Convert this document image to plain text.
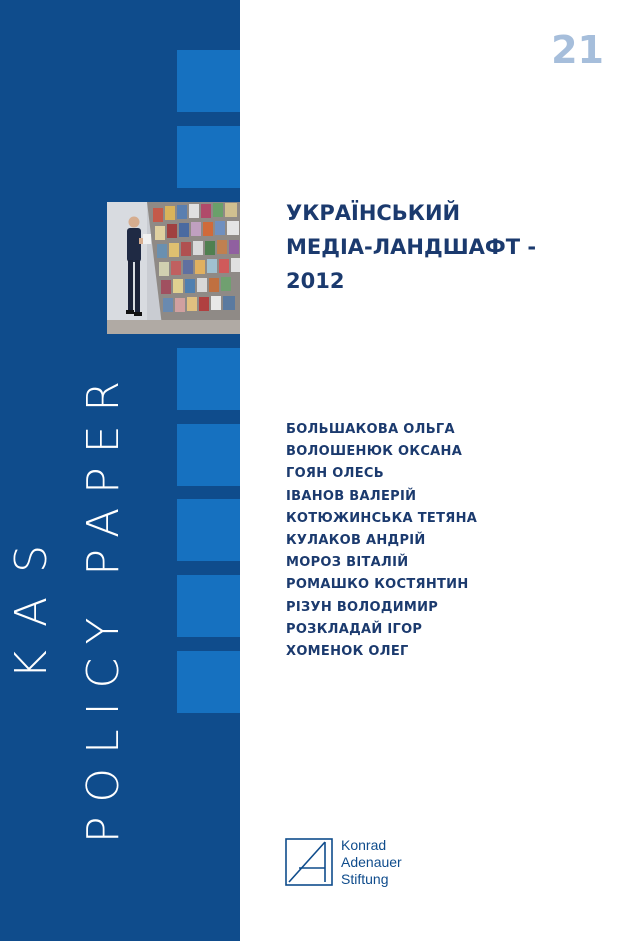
KAS POLICY PAPER
21
УКРАЇНСЬКИЙ
МЕДІА-ЛАНДШАФТ -
2012
БОЛЬШАКОВА ОЛЬГА
ВОЛОШЕНЮК ОКСАНА
ГОЯН ОЛЕСЬ
ІВАНОВ ВАЛЕРІЙ
КОТЮЖИНСЬКА ТЕТЯНА
КУЛАКОВ АНДРІЙ
МОРОЗ ВІТАЛІЙ
РОМАШКО КОСТЯНТИН
РІЗУН ВОЛОДИМИР
РОЗКЛАДАЙ ІГОР
ХОМЕНОК ОЛЕГ
Konrad
Adenauer
Stiftung
